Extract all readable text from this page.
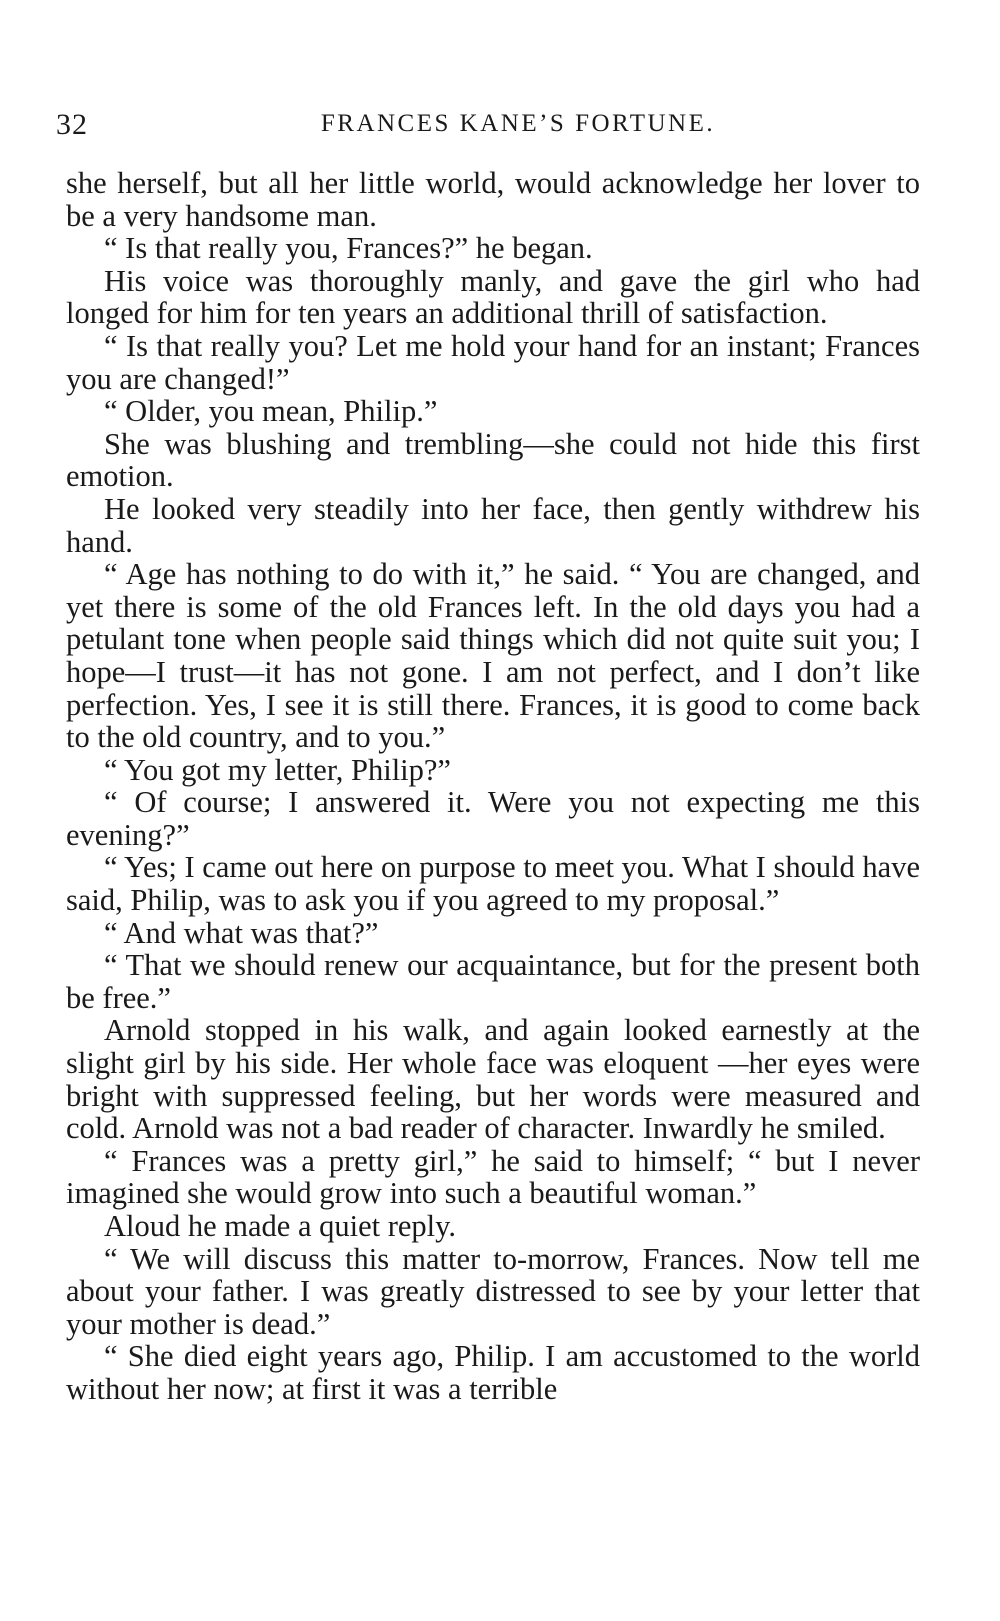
32	FRANCES KANE’S FORTUNE.

she herself, but all her little world, would acknowledge her lover to be a very handsome man.

“ Is that really you, Frances?” he began.

His voice was thoroughly manly, and gave the girl who had longed for him for ten years an additional thrill of satisfaction.

“ Is that really you? Let me hold your hand for an instant; Frances you are changed!”

“ Older, you mean, Philip.”

She was blushing and trembling—she could not hide this first emotion.

He looked very steadily into her face, then gently withdrew his hand.

“ Age has nothing to do with it,” he said. “ You are changed, and yet there is some of the old Frances left. In the old days you had a petulant tone when people said things which did not quite suit you; I hope—I trust—it has not gone. I am not perfect, and I don’t like perfection. Yes, I see it is still there. Frances, it is good to come back to the old country, and to you.”

“ You got my letter, Philip?”

“ Of course; I answered it. Were you not expecting me this evening?”

“ Yes; I came out here on purpose to meet you. What I should have said, Philip, was to ask you if you agreed to my proposal.”

“ And what was that?”

“ That we should renew our acquaintance, but for the present both be free.”

Arnold stopped in his walk, and again looked earnestly at the slight girl by his side. Her whole face was eloquent —her eyes were bright with suppressed feeling, but her words were measured and cold. Arnold was not a bad reader of character. Inwardly he smiled.

“ Frances was a pretty girl,” he said to himself; “ but I never imagined she would grow into such a beautiful woman.”

Aloud he made a quiet reply.

“ We will discuss this matter to-morrow, Frances. Now tell me about your father. I was greatly distressed to see by your letter that your mother is dead.”

“ She died eight years ago, Philip. I am accustomed to the world without her now; at first it was a terrible
